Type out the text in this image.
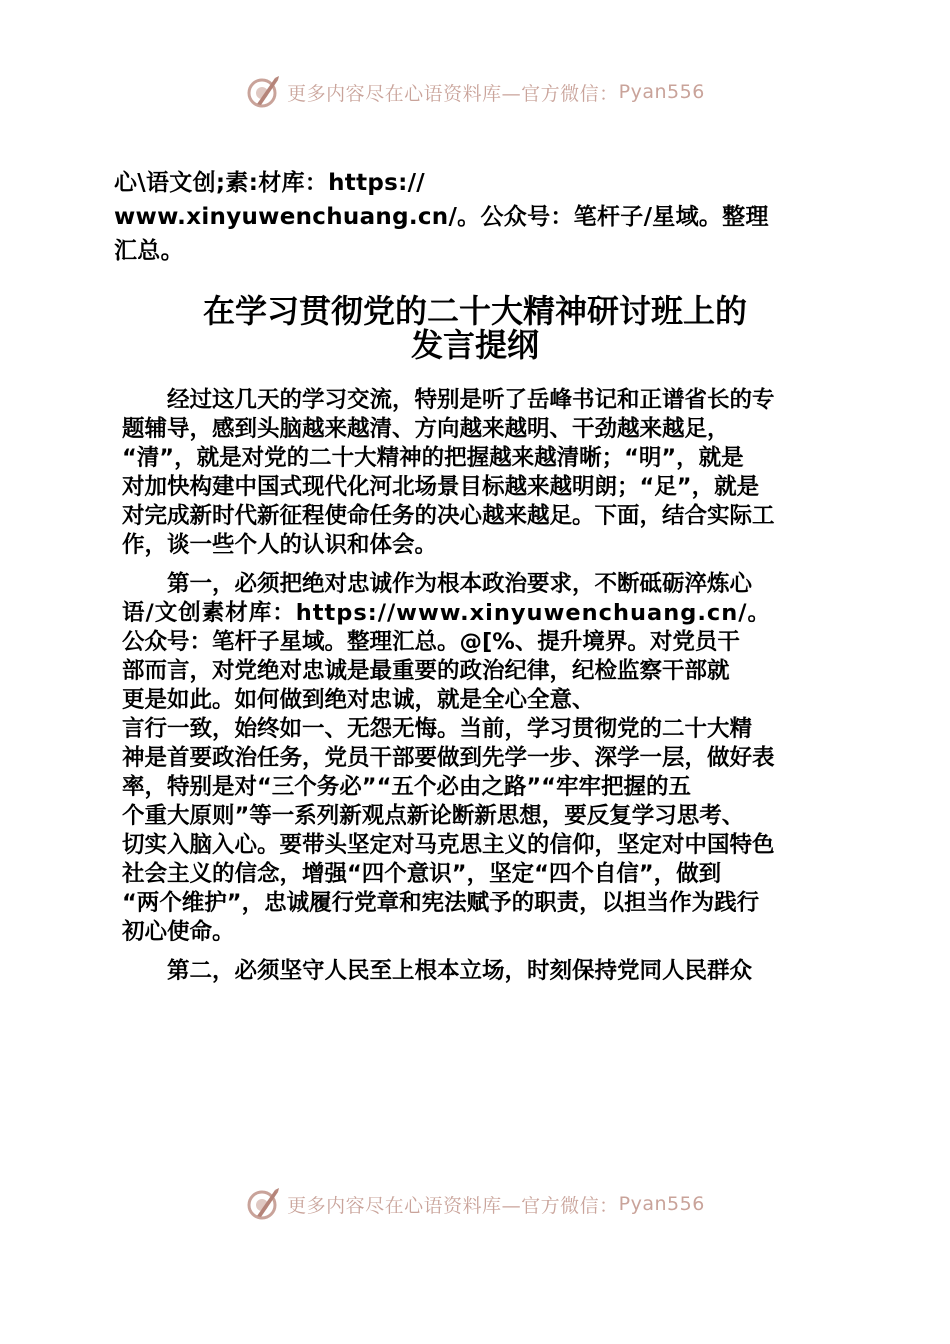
更多内容尽在心语资料库—官方微信： Pyan556
心\语文创;素:材库：https://
www.xinyuwenchuang.cn/。公众号：笔杆子/星域。整理
汇总。
在学习贯彻党的二十大精神研讨班上的
发言提纲
经过这几天的学习交流，特别是听了岳峰书记和正谱省长的专
题辅导，感到头脑越来越清、方向越来越明、干劲越来越足，
“清”，就是对党的二十大精神的把握越来越清晰；“明”，就是
对加快构建中国式现代化河北场景目标越来越明朗；“足”，就是
对完成新时代新征程使命任务的决心越来越足。下面，结合实际工
作，谈一些个人的认识和体会。
第一，必须把绝对忠诚作为根本政治要求，不断砥砺淬炼心
语/文创素材库：https://www.xinyuwenchuang.cn/。
公众号：笔杆子星域。整理汇总。@[%、提升境界。对党员干
部而言，对党绝对忠诚是最重要的政治纪律，纪检监察干部就
更是如此。如何做到绝对忠诚，就是全心全意、
言行一致，始终如一、无怨无悔。当前，学习贯彻党的二十大精
神是首要政治任务，党员干部要做到先学一步、深学一层，做好表
率，特别是对“三个务必”“五个必由之路”“牢牢把握的五
个重大原则”等一系列新观点新论断新思想，要反复学习思考、
切实入脑入心。要带头坚定对马克思主义的信仰，坚定对中国特色
社会主义的信念，增强“四个意识”，坚定“四个自信”，做到
“两个维护”，忠诚履行党章和宪法赋予的职责，以担当作为践行
初心使命。
第二，必须坚守人民至上根本立场，时刻保持党同人民群众
更多内容尽在心语资料库—官方微信： Pyan556
